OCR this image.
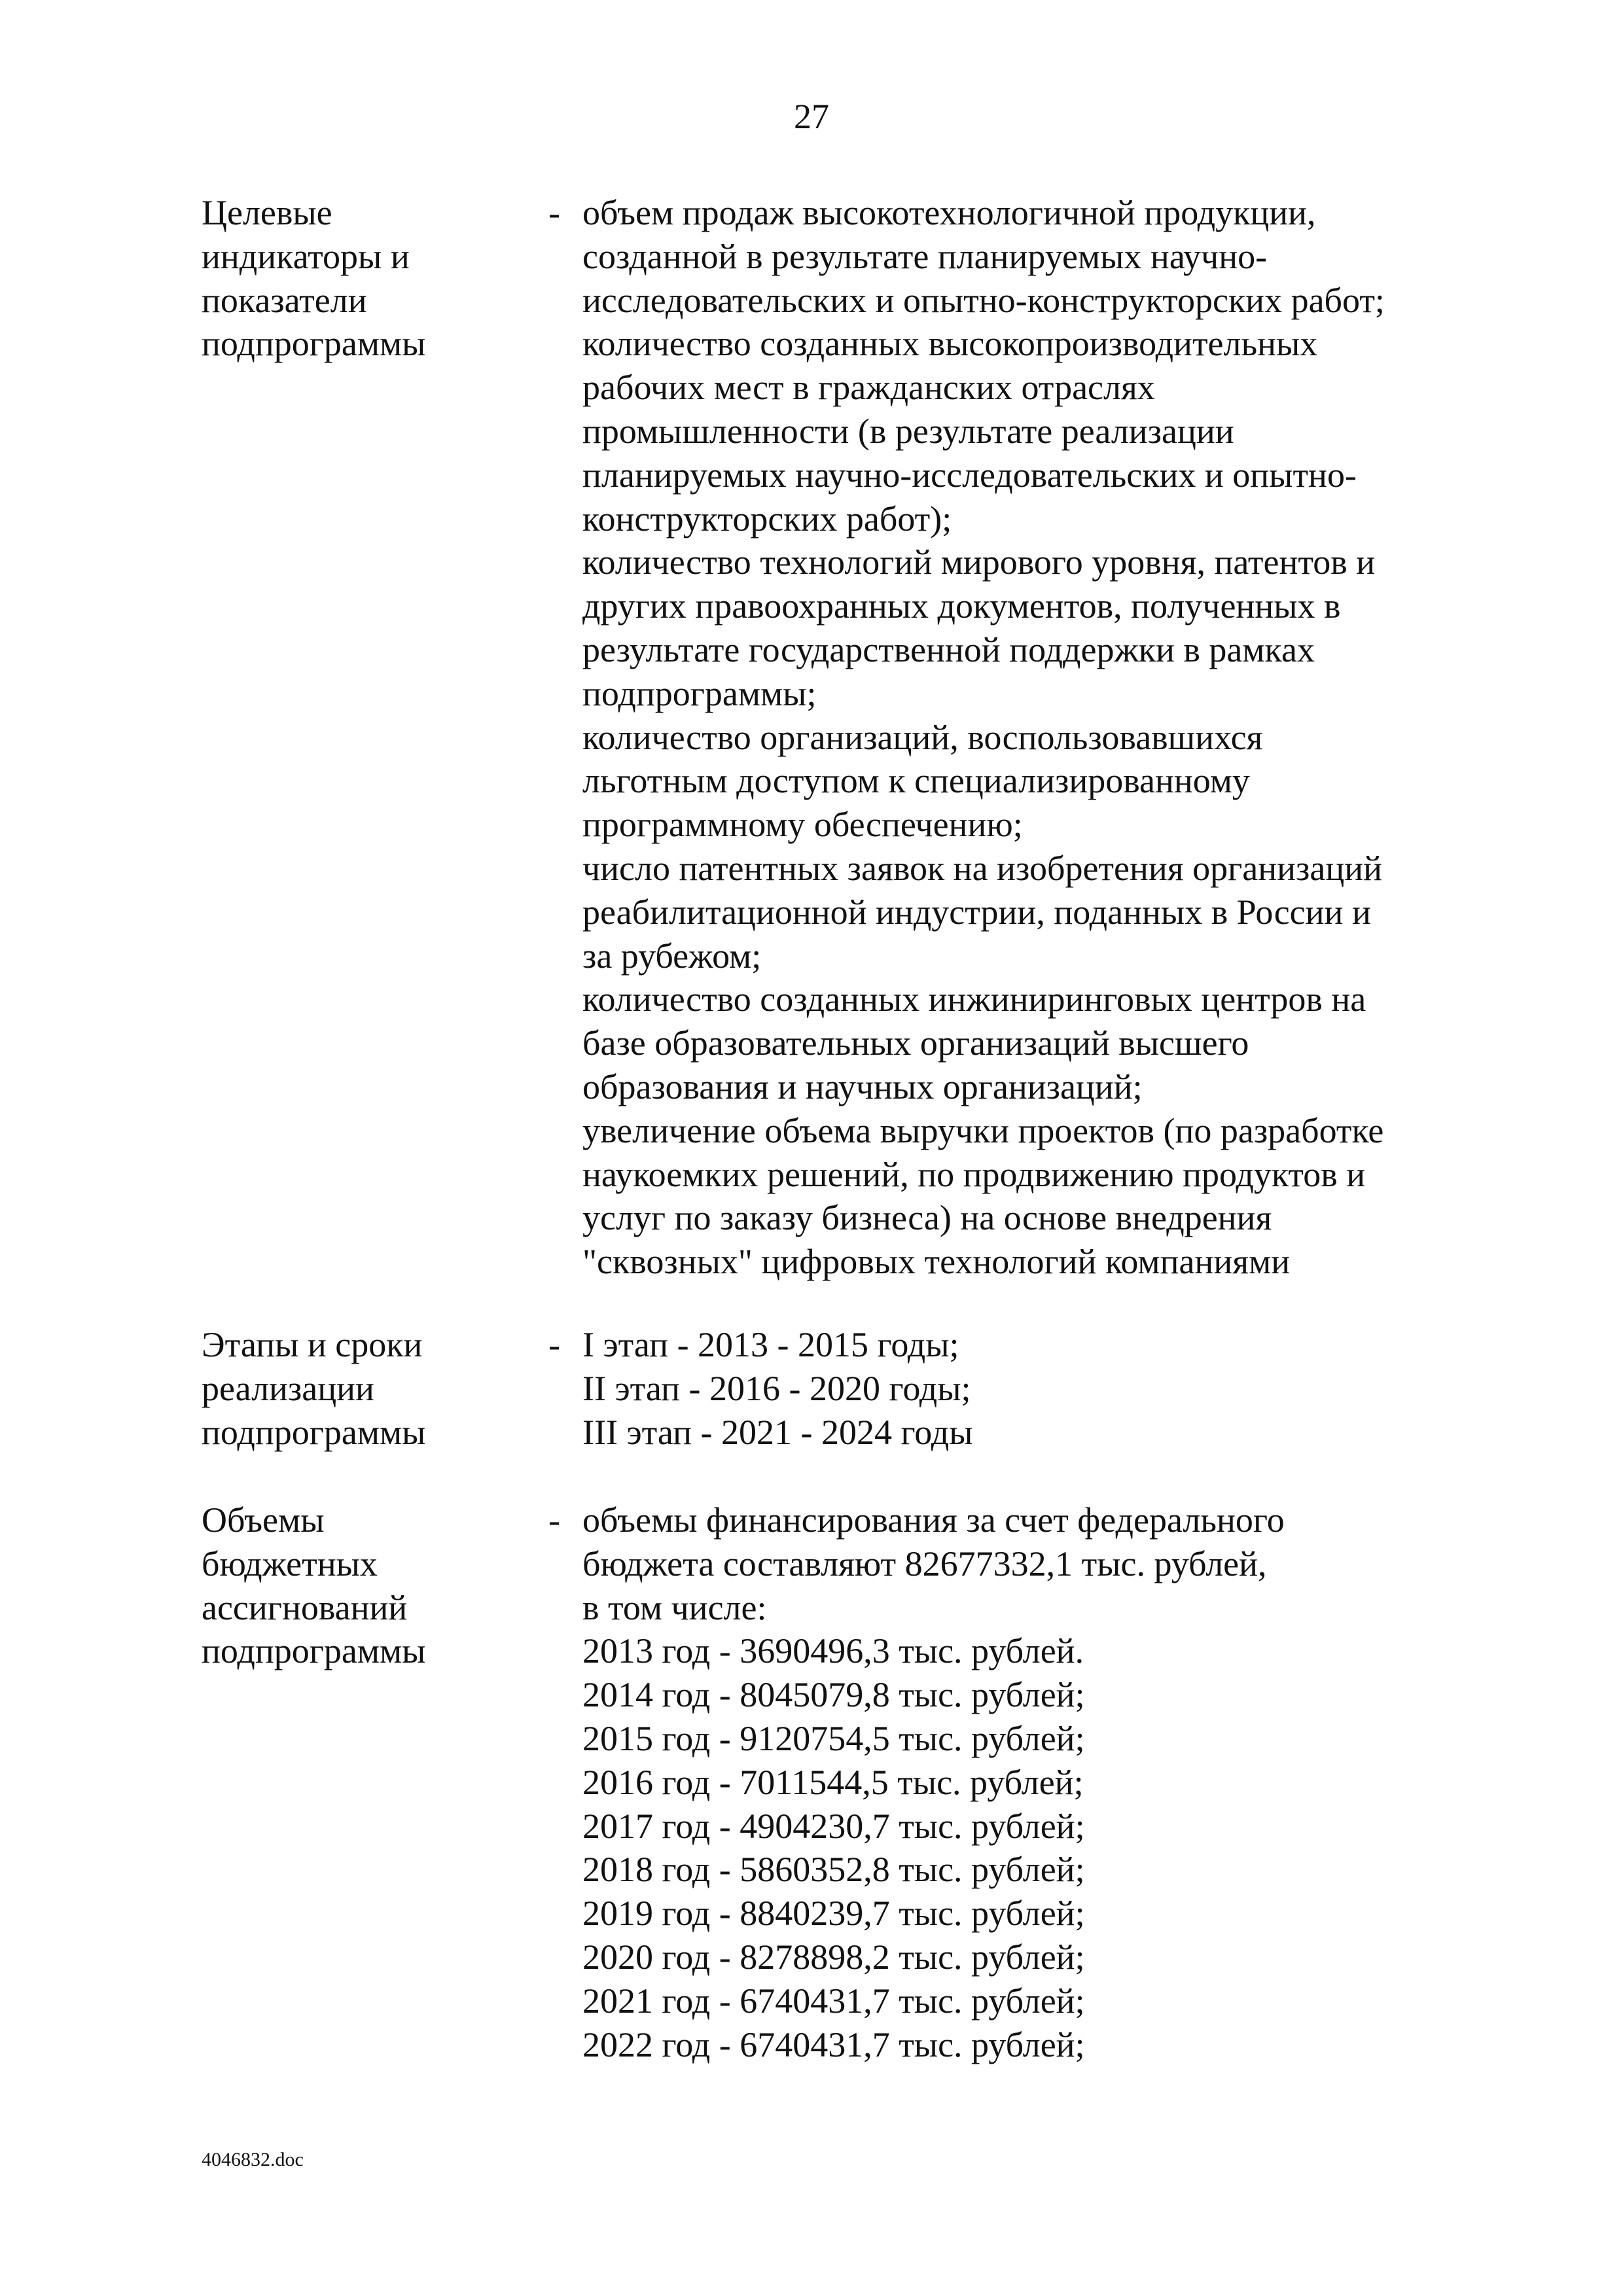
27
Целевые
индикаторы и
показатели
подпрограммы
- объем продаж высокотехнологичной продукции,
созданной в результате планируемых научно-
исследовательских и опытно-конструкторских работ;
количество созданных высокопроизводительных
рабочих мест в гражданских отраслях
промышленности (в результате реализации
планируемых научно-исследовательских и опытно-
конструкторских работ);
количество технологий мирового уровня, патентов и
других правоохранных документов, полученных в
результате государственной поддержки в рамках
подпрограммы;
количество организаций, воспользовавшихся
льготным доступом к специализированному
программному обеспечению;
число патентных заявок на изобретения организаций
реабилитационной индустрии, поданных в России и
за рубежом;
количество созданных инжиниринговых центров на
базе образовательных организаций высшего
образования и научных организаций;
увеличение объема выручки проектов (по разработке
наукоемких решений, по продвижению продуктов и
услуг по заказу бизнеса) на основе внедрения
"сквозных" цифровых технологий компаниями
Этапы и сроки
реализации
подпрограммы
- I этап - 2013 - 2015 годы;
II этап - 2016 - 2020 годы;
III этап - 2021 - 2024 годы
Объемы
бюджетных
ассигнований
подпрограммы
- объемы финансирования за счет федерального
бюджета составляют 82677332,1 тыс. рублей,
в том числе:
2013 год - 3690496,3 тыс. рублей.
2014 год - 8045079,8 тыс. рублей;
2015 год - 9120754,5 тыс. рублей;
2016 год - 7011544,5 тыс. рублей;
2017 год - 4904230,7 тыс. рублей;
2018 год - 5860352,8 тыс. рублей;
2019 год - 8840239,7 тыс. рублей;
2020 год - 8278898,2 тыс. рублей;
2021 год - 6740431,7 тыс. рублей;
2022 год - 6740431,7 тыс. рублей;
4046832.doc
